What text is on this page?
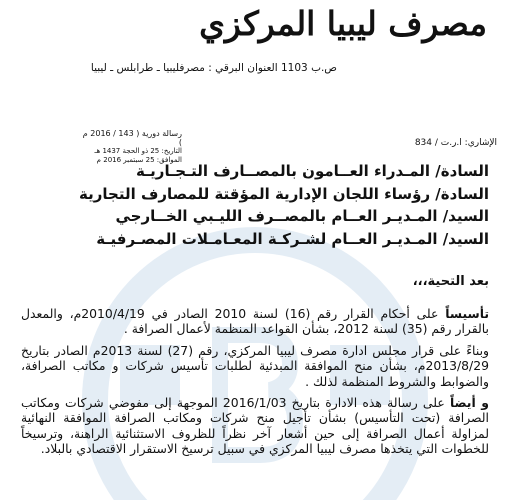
مصرف ليبيا المركزي
ص.ب 1103 العنوان البرقي : مصرفليبيا ـ طرابلس ـ ليبيا
الإشاري: ا.ر.ت / 834
رسالة دورية ( 143 / 2016 م )
التاريخ: 25 ذو الحجة 1437 هـ
الموافق: 25 سبتمبر 2016 م
السادة/ المـدراء العــامون بالمصــارف التـجـاريـة
السادة/ رؤساء اللجان الإدارية المؤقتة للمصارف التجارية
السيد/ المـديـر العــام بالمصــرف الليـبي الخــارجي
السيد/ المـديـر العــام لشـركـة المعـامـلات المصـرفيـة
بعد التحية،،،

تأسيساً على أحكام القرار رقم (16) لسنة 2010 الصادر في 2010/4/19م، والمعدل بالقرار رقم (35) لسنة 2012، بشأن القواعد المنظمة لأعمال الصرافة .

وبناءً على قرار مجلس ادارة مصرف ليبيا المركزي، رقم (27) لسنة 2013م الصادر بتاريخ 2013/8/29م، بشأن منح الموافقة المبدئية لطلبات تأسيس شركات و مكاتب الصرافة، والضوابط والشروط المنظمة لذلك .

و أيضاً على رسالة هذه الادارة بتاريخ 2016/1/03 الموجهة إلى مفوضي شركات ومكاتب الصرافة (تحت التأسيس) بشأن تأجيل منح شركات ومكاتب الصرافة الموافقة النهائية لمزاولة أعمال الصرافة إلى حين أشعار آخر نظراً للظروف الاستثنائية الراهنة، وترسيخاً للخطوات التي يتخذها مصرف ليبيا المركزي في سبيل ترسيخ الاستقرار الاقتصادي بالبلاد.
